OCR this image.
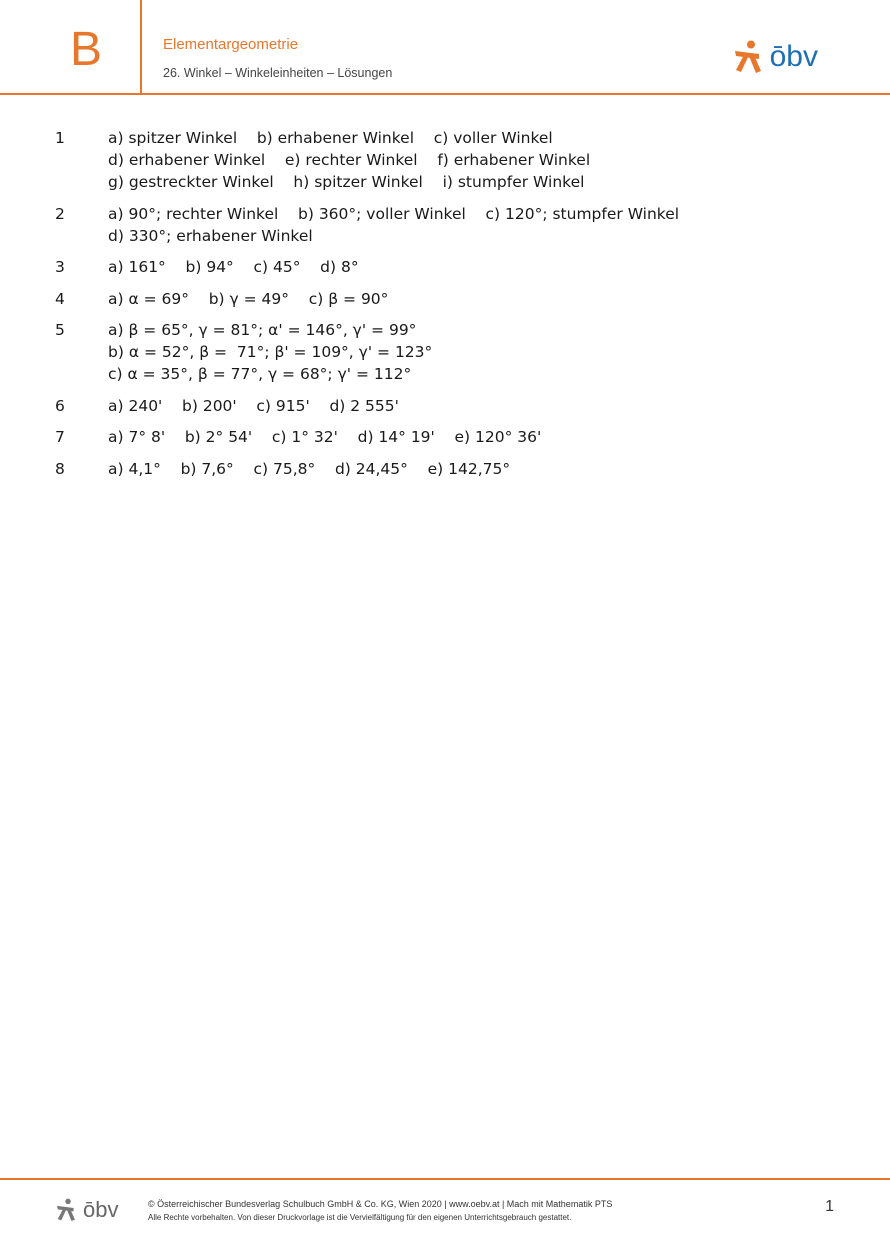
B	Elementargeometrie
26. Winkel – Winkeleinheiten – Lösungen	ōbv
1	a) spitzer Winkel    b) erhabener Winkel    c) voller Winkel
d) erhabener Winkel    e) rechter Winkel    f) erhabener Winkel
g) gestreckter Winkel    h) spitzer Winkel    i) stumpfer Winkel
2	a) 90°; rechter Winkel    b) 360°; voller Winkel    c) 120°; stumpfer Winkel
d) 330°; erhabener Winkel
3	a) 161°    b) 94°    c) 45°    d) 8°
4	a) α = 69°    b) γ = 49°    c) β = 90°
5	a) β = 65°, γ = 81°; α' = 146°, γ' = 99°
b) α = 52°, β =  71°; β' = 109°, γ' = 123°
c) α = 35°, β = 77°, γ = 68°; γ' = 112°
6	a) 240'    b) 200'    c) 915'    d) 2 555'
7	a) 7° 8'    b) 2° 54'    c) 1° 32'    d) 14° 19'    e) 120° 36'
8	a) 4,1°    b) 7,6°    c) 75,8°    d) 24,45°    e) 142,75°
ōbv	© Österreichischer Bundesverlag Schulbuch GmbH & Co. KG, Wien 2020 | www.oebv.at | Mach mit Mathematik PTS
Alle Rechte vorbehalten. Von dieser Druckvorlage ist die Vervielfältigung für den eigenen Unterrichtsgebrauch gestattet.
1
